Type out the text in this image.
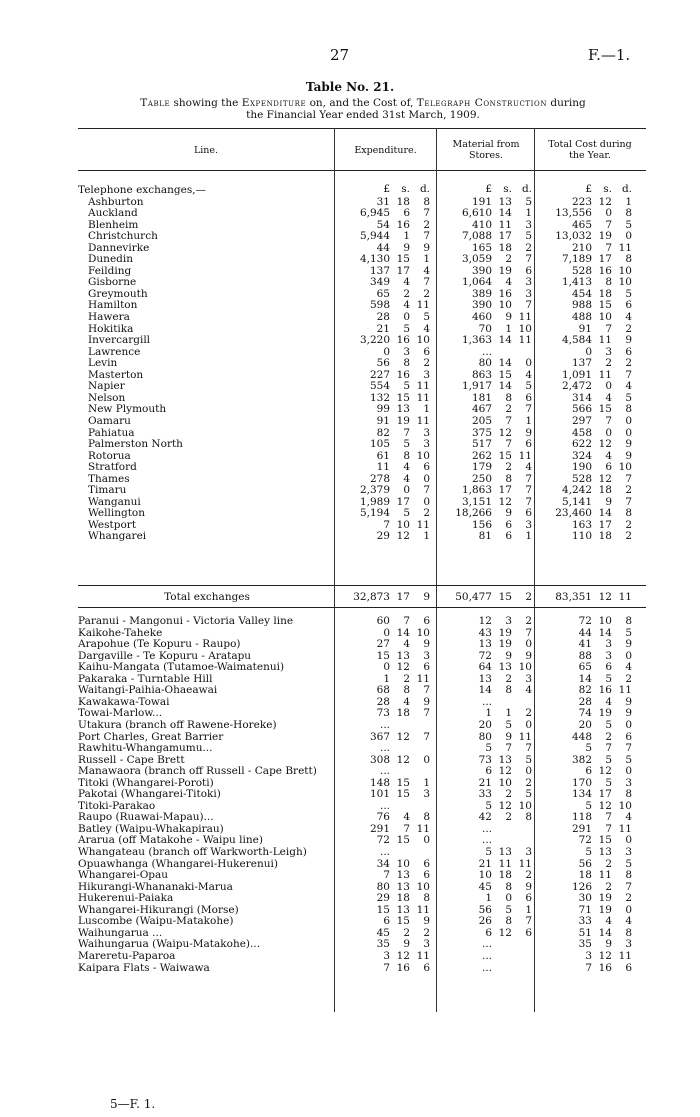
27	F.—1.
Table No. 21.
Table showing the Expenditure on, and the Cost of, Telegraph Construction during
the Financial Year ended 31st March, 1909.
Line.	Expenditure.
Material from Stores.
Total Cost during the Year.
£	s. d.	£	s. d.	£	s. d.
Telephone exchanges,—
Ashburton	31 18	8	191 13	5	223 12	1
Auckland	6,945	6	7	6,610 14	1	13,556	0	8
Blenheim	54 16	2	410 11	3	465	7	5
Christchurch	5,944	1	7	7,088 17	5	13,032 19	0
Dannevirke	44	9	9	165 18	2	210	7 11
Dunedin	4,130 15	1	3,059	2	7	7,189 17	8
Feilding	137 17	4	390 19	6	528 16 10
Gisborne	349	4	7	1,064	4	3	1,413	8 10
Greymouth	65	2	2	389 16	3	454 18	5
Hamilton	598	4 11	390 10	7	988 15	6
Hawera	28	0	5	460	9 11	488 10	4
Hokitika	21	5	4	70	1 10	91	7	2
Invercargill	3,220 16 10	1,363 14 11	4,584 11	9
Lawrence	0	3	6	...	0	3	6
Levin	56	8	2	80 14	0	137	2	2
Masterton	227 16	3	863 15	4	1,091 11	7
Napier	554	5 11	1,917 14	5	2,472	0	4
Nelson	132 15 11	181	8	6	314	4	5
New Plymouth	99 13	1	467	2	7	566 15	8
Oamaru	91 19 11	205	7	1	297	7	0
Pahiatua	82	7	3	375 12	9	458	0	0
Palmerston North	105	5	3	517	7	6	622 12	9
Rotorua	61	8 10	262 15 11	324	4	9
Stratford	11	4	6	179	2	4	190	6 10
Thames	278	4	0	250	8	7	528 12	7
Timaru	2,379	0	7	1,863 17	7	4,242 18	2
Wanganui	1,989 17	0	3,151 12	7	5,141	9	7
Wellington	5,194	5	2	18,266	9	6	23,460 14	8
Westport	7 10 11	156	6	3	163 17	2
Whangarei	29 12	1	81	6	1	110 18	2
Total exchanges	32,873 17	9	50,477 15	2	83,351 12 11
Paranui - Mangonui - Victoria Valley line	60	7	6	12	3	2	72 10	8
Kaikohe-Taheke	0 14 10	43 19	7	44 14	5
Arapohue (Te Kopuru - Raupo)	27	4	9	13 19	0	41	3	9
Dargaville - Te Kopuru - Aratapu	15 13	3	72	9	9	88	3	0
Kaihu-Mangata (Tutamoe-Waimatenui)	0 12	6	64 13 10	65	6	4
Pakaraka - Turntable Hill	1	2 11	13	2	3	14	5	2
Waitangi-Paihia-Ohaeawai	68	8	7	14	8	4	82 16 11
Kawakawa-Towai	28	4	9	...	28	4	9
Towai-Marlow...	73 18	7	1	1	2	74 19	9
Utakura (branch off Rawene-Horeke)	...	20	5	0	20	5	0
Port Charles, Great Barrier	367 12	7	80	9 11	448	2	6
Rawhitu-Whangamumu...	...	5	7	7	5	7	7
Russell - Cape Brett	308 12	0	73 13	5	382	5	5
Manawaora (branch off Russell - Cape Brett)	...	6 12	0	6 12	0
Titoki (Whangarei-Poroti)	148 15	1	21 10	2	170	5	3
Pakotai (Whangarei-Titoki)	101 15	3	33	2	5	134 17	8
Titoki-Parakao	...	5 12 10	5 12 10
Raupo (Ruawai-Mapau)...	76	4	8	42	2	8	118	7	4
Batley (Waipu-Whakapirau)	291	7 11	...	291	7 11
Ararua (off Matakohe - Waipu line)	72 15	0	...	72 15	0
Whangateau (branch off Warkworth-Leigh)	...	5 13	3	5 13	3
Opuawhanga (Whangarei-Hukerenui)	34 10	6	21 11 11	56	2	5
Whangarei-Opau	7 13	6	10 18	2	18 11	8
Hikurangi-Whananaki-Marua	80 13 10	45	8	9	126	2	7
Hukerenui-Paiaka	29 18	8	1	0	6	30 19	2
Whangarei-Hikurangi (Morse)	15 13 11	56	5	1	71 19	0
Luscombe (Waipu-Matakohe)	6 15	9	26	8	7	33	4	4
Waihungarua ...	45	2	2	6 12	6	51 14	8
Waihungarua (Waipu-Matakohe)...	35	9	3	...	35	9	3
Mareretu-Paparoa	3 12 11	...	3 12 11
Kaipara Flats - Waiwawa	7 16	6	...	7 16	6
5—F. 1.
